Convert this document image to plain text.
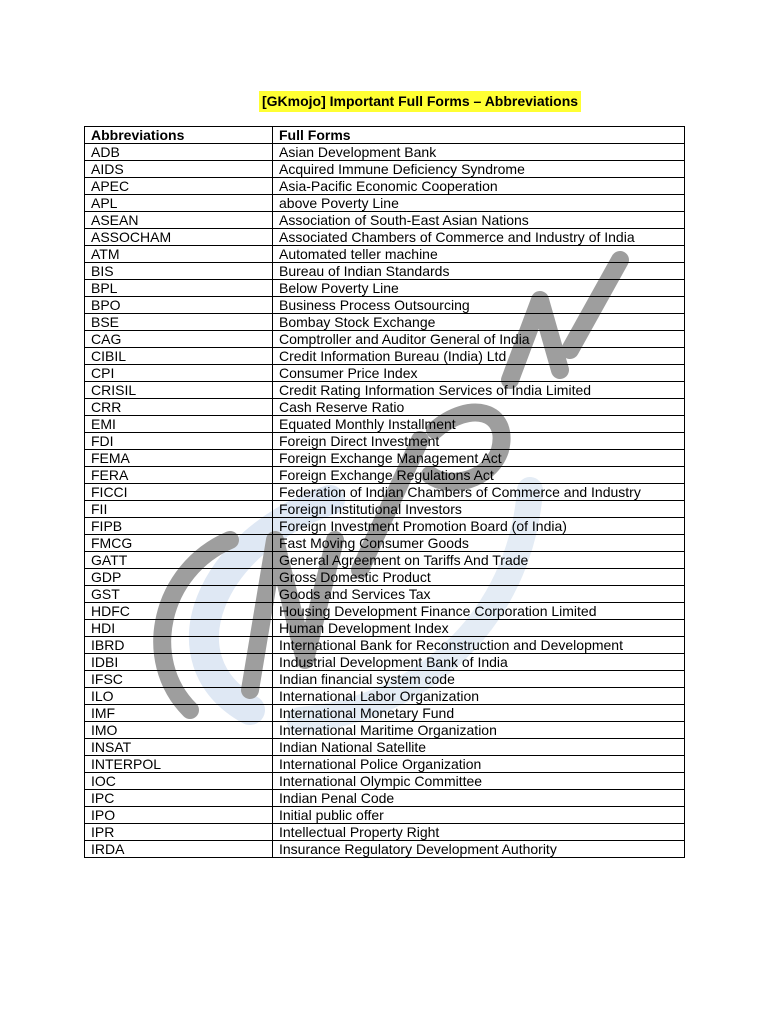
[GKmojo] Important Full Forms – Abbreviations
Abbreviations	Full Forms
ADB	Asian Development Bank
AIDS	Acquired Immune Deficiency Syndrome
APEC	Asia-Pacific Economic Cooperation
APL	above Poverty Line
ASEAN	Association of South-East Asian Nations
ASSOCHAM	Associated Chambers of Commerce and Industry of India
ATM	Automated teller machine
BIS	Bureau of Indian Standards
BPL	Below Poverty Line
BPO	Business Process Outsourcing
BSE	Bombay Stock Exchange
CAG	Comptroller and Auditor General of India
CIBIL	Credit Information Bureau (India) Ltd
CPI	Consumer Price Index
CRISIL	Credit Rating Information Services of India Limited
CRR	Cash Reserve Ratio
EMI	Equated Monthly Installment
FDI	Foreign Direct Investment
FEMA	Foreign Exchange Management Act
FERA	Foreign Exchange Regulations Act
FICCI	Federation of Indian Chambers of Commerce and Industry
FII	Foreign Institutional Investors
FIPB	Foreign Investment Promotion Board (of India)
FMCG	Fast Moving Consumer Goods
GATT	General Agreement on Tariffs And Trade
GDP	Gross Domestic Product
GST	Goods and Services Tax
HDFC	Housing Development Finance Corporation Limited
HDI	Human Development Index
IBRD	International Bank for Reconstruction and Development
IDBI	Industrial Development Bank of India
IFSC	Indian financial system code
ILO	International Labor Organization
IMF	International Monetary Fund
IMO	International Maritime Organization
INSAT	Indian National Satellite
INTERPOL	International Police Organization
IOC	International Olympic Committee
IPC	Indian Penal Code
IPO	Initial public offer
IPR	Intellectual Property Right
IRDA	Insurance Regulatory Development Authority
